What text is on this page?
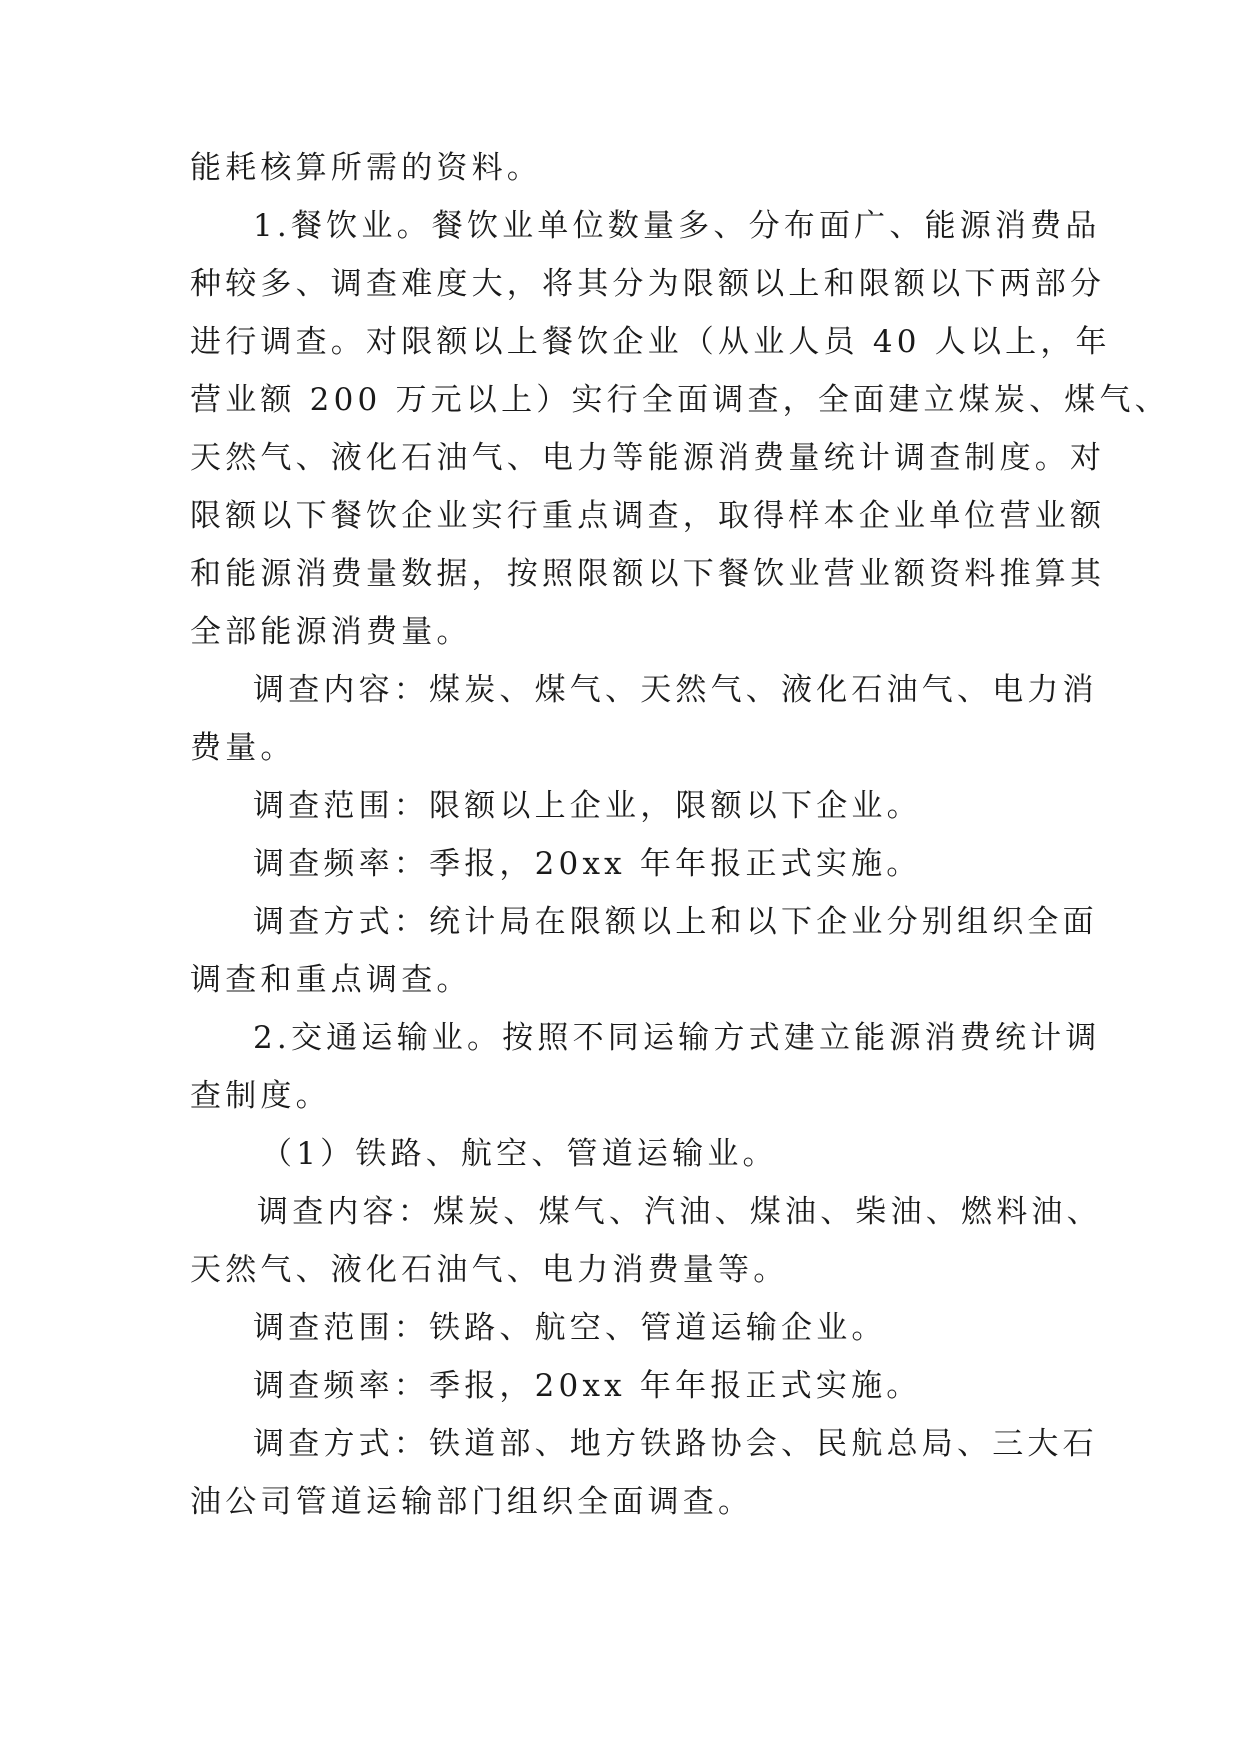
能耗核算所需的资料。
1.餐饮业。餐饮业单位数量多、分布面广、能源消费品
种较多、调查难度大，将其分为限额以上和限额以下两部分
进行调查。对限额以上餐饮企业（从业人员 40 人以上，年
营业额 200 万元以上）实行全面调查，全面建立煤炭、煤气、
天然气、液化石油气、电力等能源消费量统计调查制度。对
限额以下餐饮企业实行重点调查，取得样本企业单位营业额
和能源消费量数据，按照限额以下餐饮业营业额资料推算其
全部能源消费量。
调查内容：煤炭、煤气、天然气、液化石油气、电力消
费量。
调查范围：限额以上企业，限额以下企业。
调查频率：季报，20xx 年年报正式实施。
调查方式：统计局在限额以上和以下企业分别组织全面
调查和重点调查。
2.交通运输业。按照不同运输方式建立能源消费统计调
查制度。
（1）铁路、航空、管道运输业。
调查内容：煤炭、煤气、汽油、煤油、柴油、燃料油、
天然气、液化石油气、电力消费量等。
调查范围：铁路、航空、管道运输企业。
调查频率：季报，20xx 年年报正式实施。
调查方式：铁道部、地方铁路协会、民航总局、三大石
油公司管道运输部门组织全面调查。
